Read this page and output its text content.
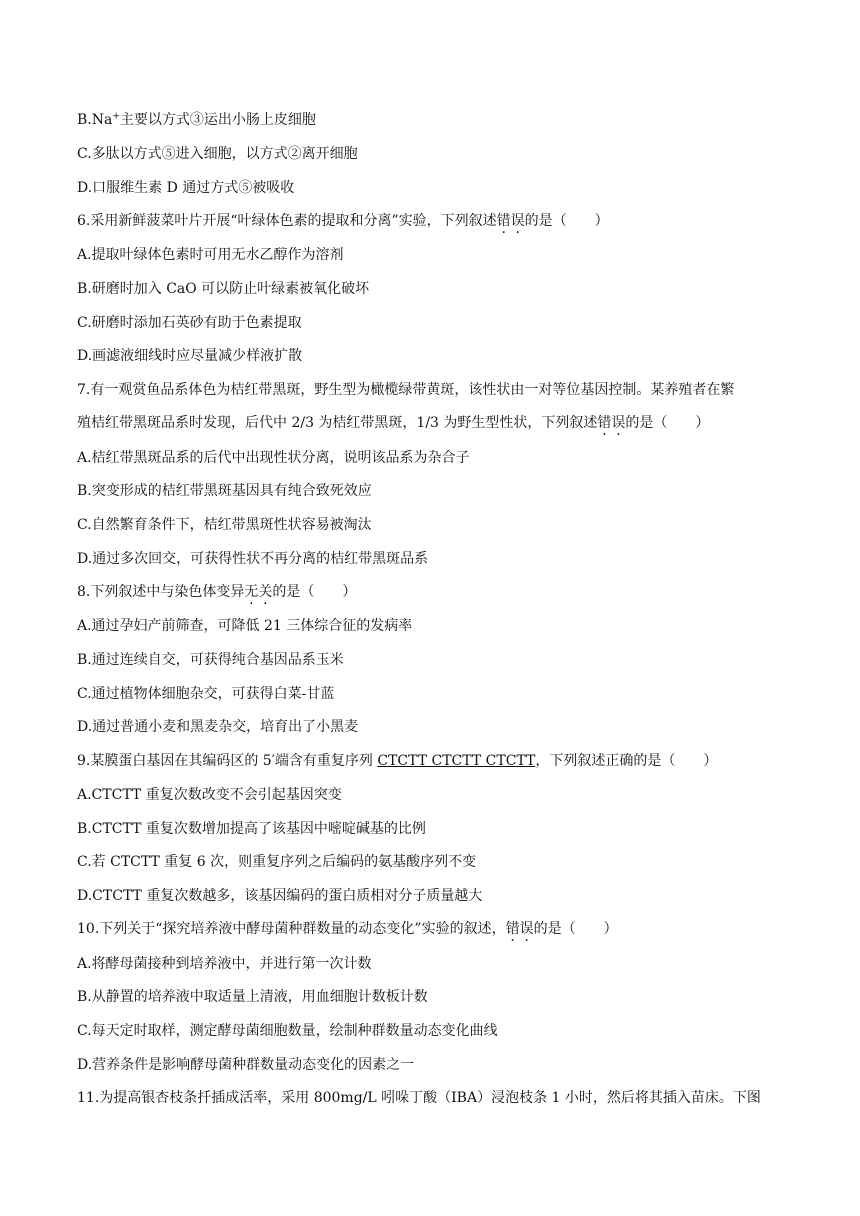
B.Na+主要以方式③运出小肠上皮细胞
C.多肽以方式⑤进入细胞，以方式②离开细胞
D.口服维生素 D 通过方式⑤被吸收
6.采用新鲜菠菜叶片开展“叶绿体色素的提取和分离”实验，下列叙述错误的是（　　）
A.提取叶绿体色素时可用无水乙醇作为溶剂
B.研磨时加入 CaO 可以防止叶绿素被氧化破坏
C.研磨时添加石英砂有助于色素提取
D.画滤液细线时应尽量减少样液扩散
7.有一观赏鱼品系体色为桔红带黑斑，野生型为橄榄绿带黄斑，该性状由一对等位基因控制。某养殖者在繁
殖桔红带黑斑品系时发现，后代中 2/3 为桔红带黑斑，1/3 为野生型性状，下列叙述错误的是（　　）
A.桔红带黑斑品系的后代中出现性状分离，说明该品系为杂合子
B.突变形成的桔红带黑斑基因具有纯合致死效应
C.自然繁育条件下，桔红带黑斑性状容易被淘汰
D.通过多次回交，可获得性状不再分离的桔红带黑斑品系
8.下列叙述中与染色体变异无关的是（　　）
A.通过孕妇产前筛查，可降低 21 三体综合征的发病率
B.通过连续自交，可获得纯合基因品系玉米
C.通过植物体细胞杂交，可获得白菜-甘蓝
D.通过普通小麦和黑麦杂交，培育出了小黑麦
9.某膜蛋白基因在其编码区的 5′端含有重复序列 CTCTT CTCTT CTCTT，下列叙述正确的是（　　）
A.CTCTT 重复次数改变不会引起基因突变
B.CTCTT 重复次数增加提高了该基因中嘧啶碱基的比例
C.若 CTCTT 重复 6 次，则重复序列之后编码的氨基酸序列不变
D.CTCTT 重复次数越多，该基因编码的蛋白质相对分子质量越大
10.下列关于“探究培养液中酵母菌种群数量的动态变化”实验的叙述，错误的是（　　）
A.将酵母菌接种到培养液中，并进行第一次计数
B.从静置的培养液中取适量上清液，用血细胞计数板计数
C.每天定时取样，测定酵母菌细胞数量，绘制种群数量动态变化曲线
D.营养条件是影响酵母菌种群数量动态变化的因素之一
11.为提高银杏枝条扦插成活率，采用 800mg/L 吲哚丁酸（IBA）浸泡枝条 1 小时，然后将其插入苗床。下图
